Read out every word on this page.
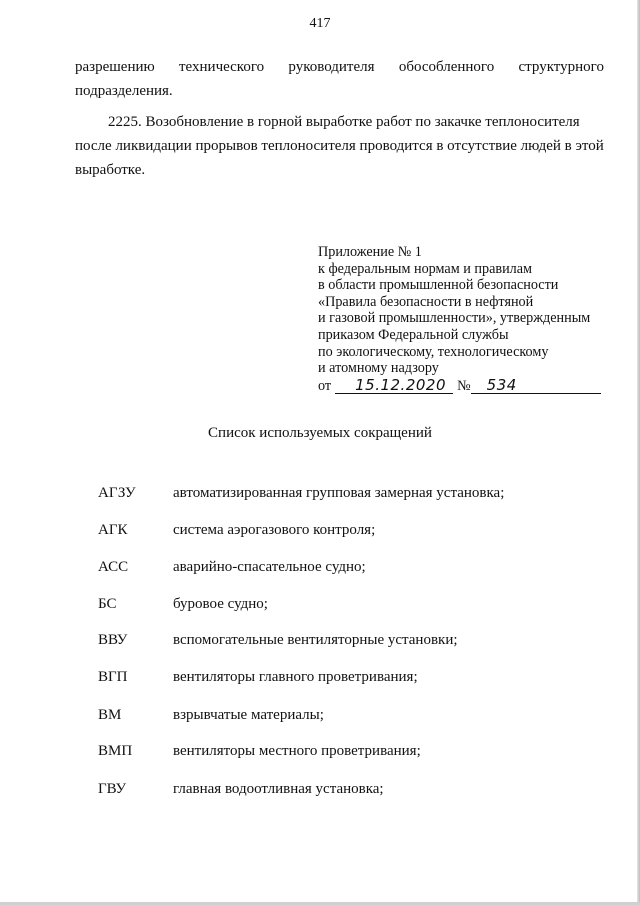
417
разрешению технического руководителя обособленного структурного
подразделения.
2225. Возобновление в горной выработке работ по закачке теплоносителя
после ликвидации прорывов теплоносителя проводится в отсутствие людей в этой
выработке.
Приложение № 1
к федеральным нормам и правилам
в области промышленной безопасности
«Правила безопасности в нефтяной
и газовой промышленности», утвержденным
приказом Федеральной службы
по экологическому, технологическому
и атомному надзору
от	15.12.2020 №	534
Список используемых сокращений
АГЗУ автоматизированная групповая замерная установка;
АГК	система аэрогазового контроля;
АСС	аварийно-спасательное судно;
БС	буровое судно;
ВВУ	вспомогательные вентиляторные установки;
ВГП	вентиляторы главного проветривания;
ВМ	взрывчатые материалы;
ВМП	вентиляторы местного проветривания;
ГВУ	главная водоотливная установка;
